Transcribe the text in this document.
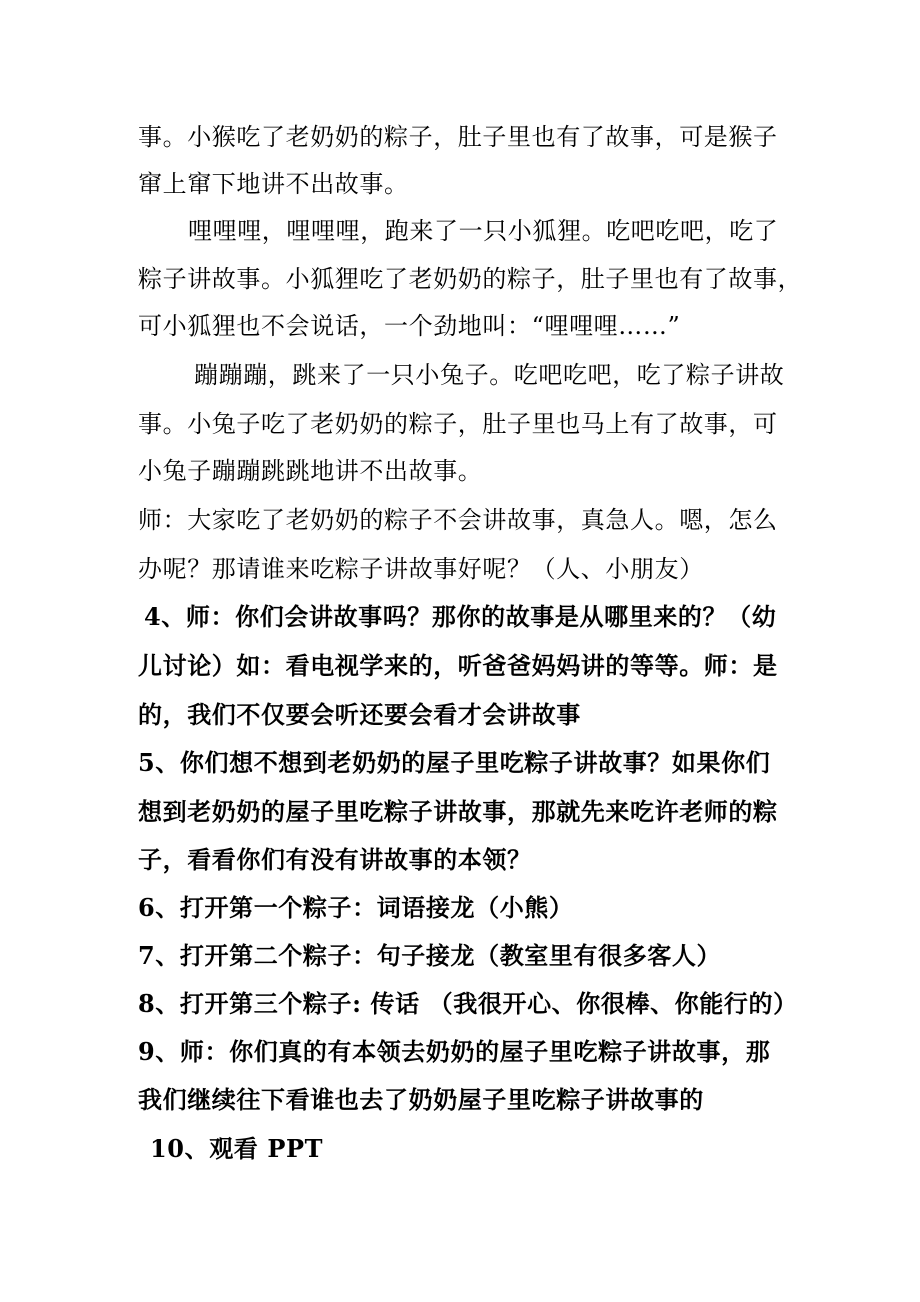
事。小猴吃了老奶奶的粽子，肚子里也有了故事，可是猴子
窜上窜下地讲不出故事。
哩哩哩，哩哩哩，跑来了一只小狐狸。吃吧吃吧，吃了
粽子讲故事。小狐狸吃了老奶奶的粽子，肚子里也有了故事，
可小狐狸也不会说话，一个劲地叫：“哩哩哩……”
蹦蹦蹦，跳来了一只小兔子。吃吧吃吧，吃了粽子讲故
事。小兔子吃了老奶奶的粽子，肚子里也马上有了故事，可
小兔子蹦蹦跳跳地讲不出故事。
师：大家吃了老奶奶的粽子不会讲故事，真急人。嗯，怎么
办呢？那请谁来吃粽子讲故事好呢？（人、小朋友）
4、师：你们会讲故事吗？那你的故事是从哪里来的？（幼
儿讨论）如：看电视学来的，听爸爸妈妈讲的等等。师：是
的，我们不仅要会听还要会看才会讲故事
5、你们想不想到老奶奶的屋子里吃粽子讲故事？如果你们
想到老奶奶的屋子里吃粽子讲故事，那就先来吃许老师的粽
子，看看你们有没有讲故事的本领？
6、打开第一个粽子：词语接龙（小熊）
7、打开第二个粽子：句子接龙（教室里有很多客人）
8、打开第三个粽子: 传话 （我很开心、你很棒、你能行的）
9、师：你们真的有本领去奶奶的屋子里吃粽子讲故事，那
我们继续往下看谁也去了奶奶屋子里吃粽子讲故事的
10、观看 PPT
